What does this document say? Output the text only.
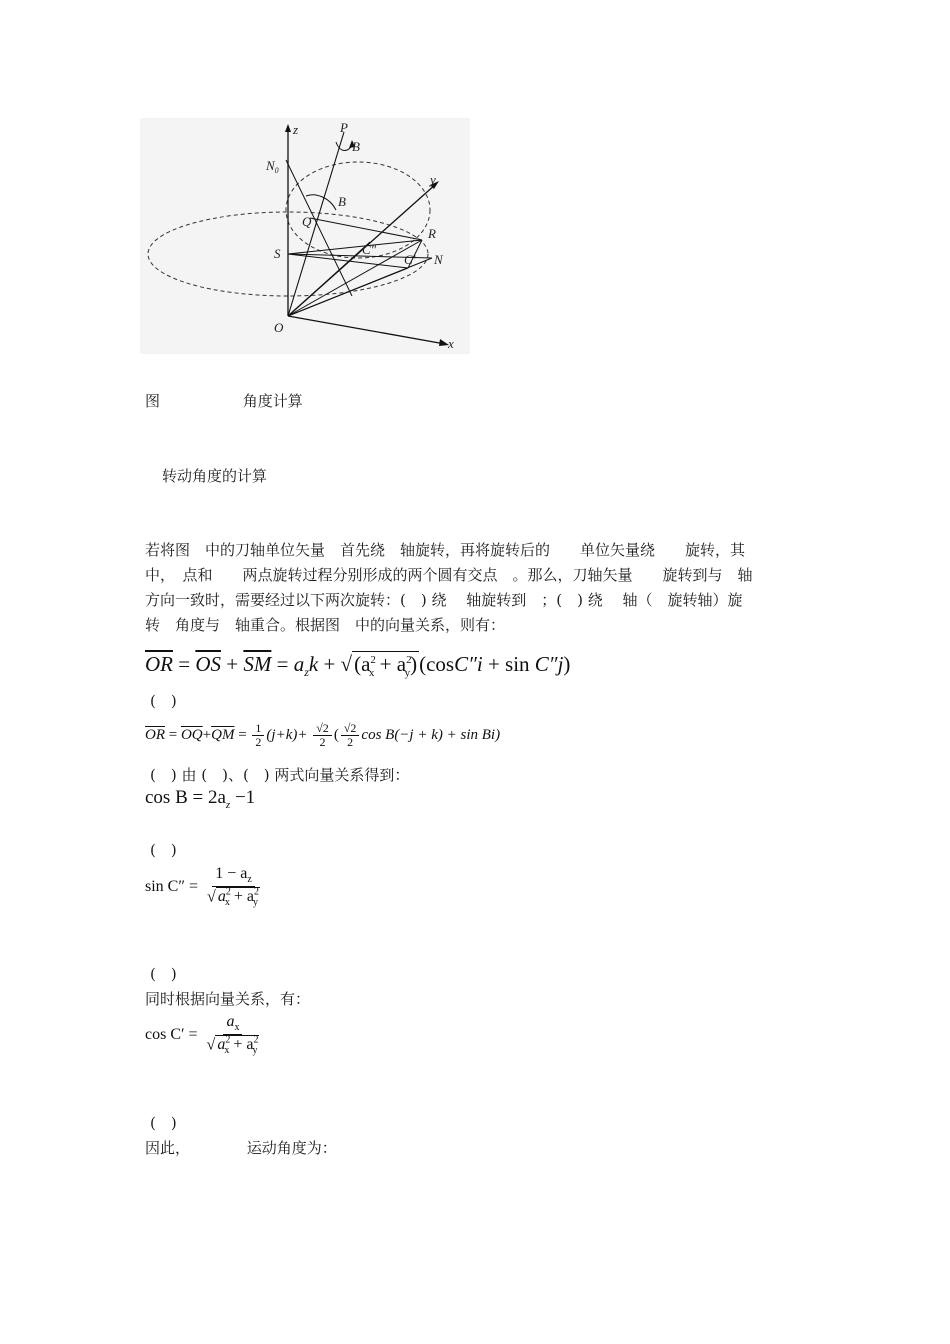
z	P
B
$N_0$
y
B
Q
R
S	C"
C' N
O
x
图	角度计算
转动角度的计算
若将图　中的刀轴单位矢量　首先绕　轴旋转，再将旋转后的　　单位矢量绕　　旋转，其
中，　点和　　两点旋转过程分别形成的两个圆有交点　。那么，刀轴矢量　　旋转到与　轴
方向一致时，需要经过以下两次旋转：(　) 绕　 轴旋转到　；(　) 绕　 轴（　旋转轴）旋
转　角度与　轴重合。根据图　中的向量关系，则有：
$\overline{OR} = \overline{OS} + \overline{SM} = a_zk + √(a^2_x + a^2_y)(\cos C''i + \sin C''j)$
(　)
$\overline{OR} = \overline{OQ}+\overline{QM} = \frac{1}{2} (j+k)+ \frac{√2}{2}$ ( $\frac{√2}{2}$ cos B(−j + k) + sin Bi)
(　) 由 (　)、(　) 两式向量关系得到：
$\cos B = 2a_z -1$
(　)
$\sin C'' = \frac{1 - a_z}{√ a^2_x + a^2_y}$
(　)
同时根据向量关系，有：
$\cos C' = \frac{a_x}{√ a^2_x + a^2_y}$
(　)
因此，	运动角度为：
